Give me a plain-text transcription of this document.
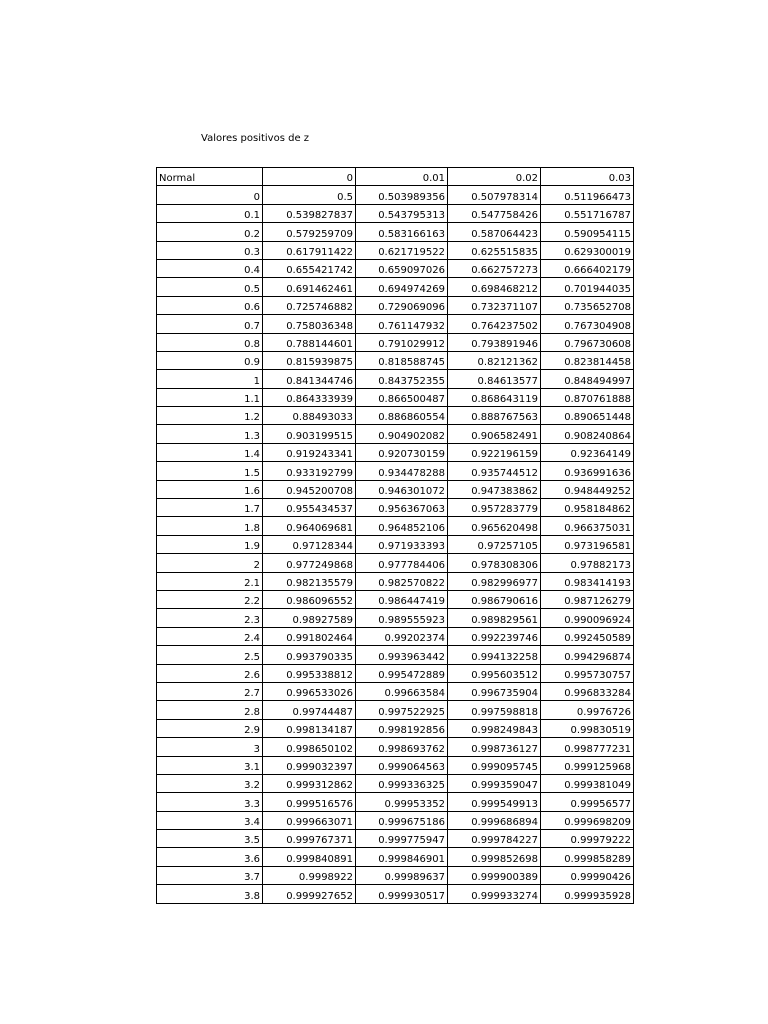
Valores positivos de z
Normal	0	0.01	0.02	0.03
0	0.5	0.503989356	0.507978314	0.511966473
0.1	0.539827837	0.543795313	0.547758426	0.551716787
0.2	0.579259709	0.583166163	0.587064423	0.590954115
0.3	0.617911422	0.621719522	0.625515835	0.629300019
0.4	0.655421742	0.659097026	0.662757273	0.666402179
0.5	0.691462461	0.694974269	0.698468212	0.701944035
0.6	0.725746882	0.729069096	0.732371107	0.735652708
0.7	0.758036348	0.761147932	0.764237502	0.767304908
0.8	0.788144601	0.791029912	0.793891946	0.796730608
0.9	0.815939875	0.818588745	0.82121362	0.823814458
1	0.841344746	0.843752355	0.84613577	0.848494997
1.1	0.864333939	0.866500487	0.868643119	0.870761888
1.2	0.88493033	0.886860554	0.888767563	0.890651448
1.3	0.903199515	0.904902082	0.906582491	0.908240864
1.4	0.919243341	0.920730159	0.922196159	0.92364149
1.5	0.933192799	0.934478288	0.935744512	0.936991636
1.6	0.945200708	0.946301072	0.947383862	0.948449252
1.7	0.955434537	0.956367063	0.957283779	0.958184862
1.8	0.964069681	0.964852106	0.965620498	0.966375031
1.9	0.97128344	0.971933393	0.97257105	0.973196581
2	0.977249868	0.977784406	0.978308306	0.97882173
2.1	0.982135579	0.982570822	0.982996977	0.983414193
2.2	0.986096552	0.986447419	0.986790616	0.987126279
2.3	0.98927589	0.989555923	0.989829561	0.990096924
2.4	0.991802464	0.99202374	0.992239746	0.992450589
2.5	0.993790335	0.993963442	0.994132258	0.994296874
2.6	0.995338812	0.995472889	0.995603512	0.995730757
2.7	0.996533026	0.99663584	0.996735904	0.996833284
2.8	0.99744487	0.997522925	0.997598818	0.9976726
2.9	0.998134187	0.998192856	0.998249843	0.99830519
3	0.998650102	0.998693762	0.998736127	0.998777231
3.1	0.999032397	0.999064563	0.999095745	0.999125968
3.2	0.999312862	0.999336325	0.999359047	0.999381049
3.3	0.999516576	0.99953352	0.999549913	0.99956577
3.4	0.999663071	0.999675186	0.999686894	0.999698209
3.5	0.999767371	0.999775947	0.999784227	0.99979222
3.6	0.999840891	0.999846901	0.999852698	0.999858289
3.7	0.9998922	0.99989637	0.999900389	0.99990426
3.8	0.999927652	0.999930517	0.999933274	0.999935928
